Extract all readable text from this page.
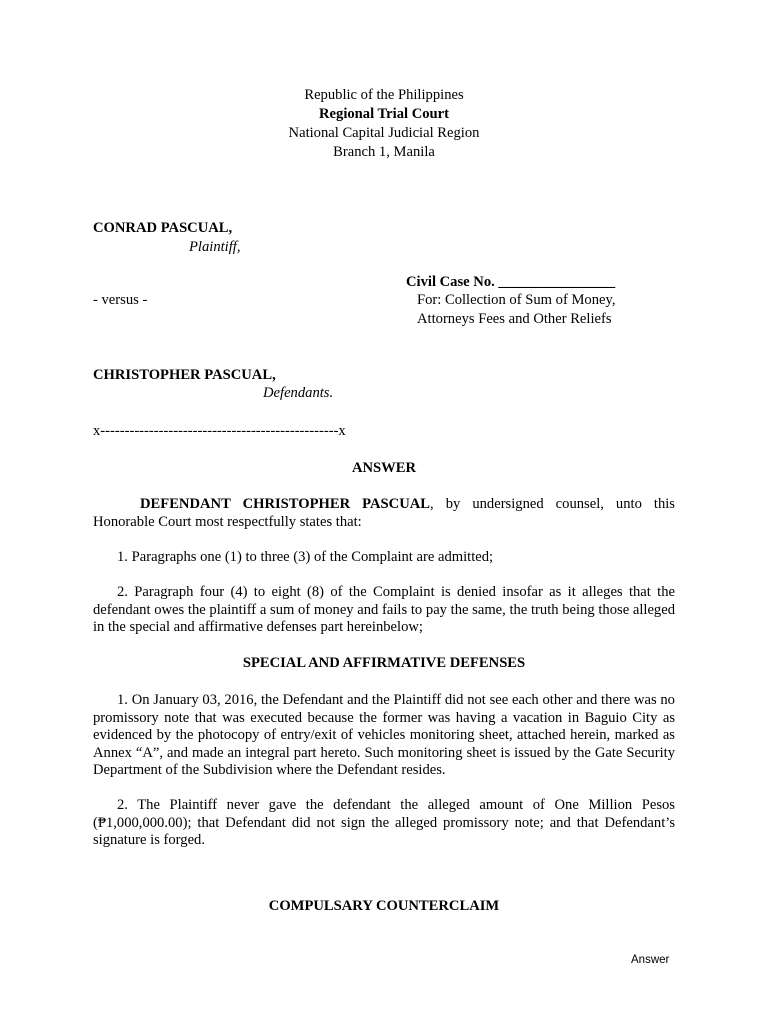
Republic of the Philippines
Regional Trial Court
National Capital Judicial Region
Branch 1, Manila
CONRAD PASCUAL,
Plaintiff,
Civil Case No. ________________
- versus -	For: Collection of Sum of Money,
Attorneys Fees and Other Reliefs
CHRISTOPHER PASCUAL,
Defendants.
x-------------------------------------------------x
ANSWER
DEFENDANT CHRISTOPHER PASCUAL, by undersigned counsel, unto this Honorable Court most respectfully states that:
1. Paragraphs one (1) to three (3) of the Complaint are admitted;
2. Paragraph four (4) to eight (8) of the Complaint is denied insofar as it alleges that the defendant owes the plaintiff a sum of money and fails to pay the same, the truth being those alleged in the special and affirmative defenses part hereinbelow;
SPECIAL AND AFFIRMATIVE DEFENSES
1. On January 03, 2016, the Defendant and the Plaintiff did not see each other and there was no promissory note that was executed because the former was having a vacation in Baguio City as evidenced by the photocopy of entry/exit of vehicles monitoring sheet, attached herein, marked as Annex “A”, and made an integral part hereto. Such monitoring sheet is issued by the Gate Security Department of the Subdivision where the Defendant resides.
2. The Plaintiff never gave the defendant the alleged amount of One Million Pesos (₱1,000,000.00); that Defendant did not sign the alleged promissory note; and that Defendant’s signature is forged.
COMPULSARY COUNTERCLAIM
Answer
